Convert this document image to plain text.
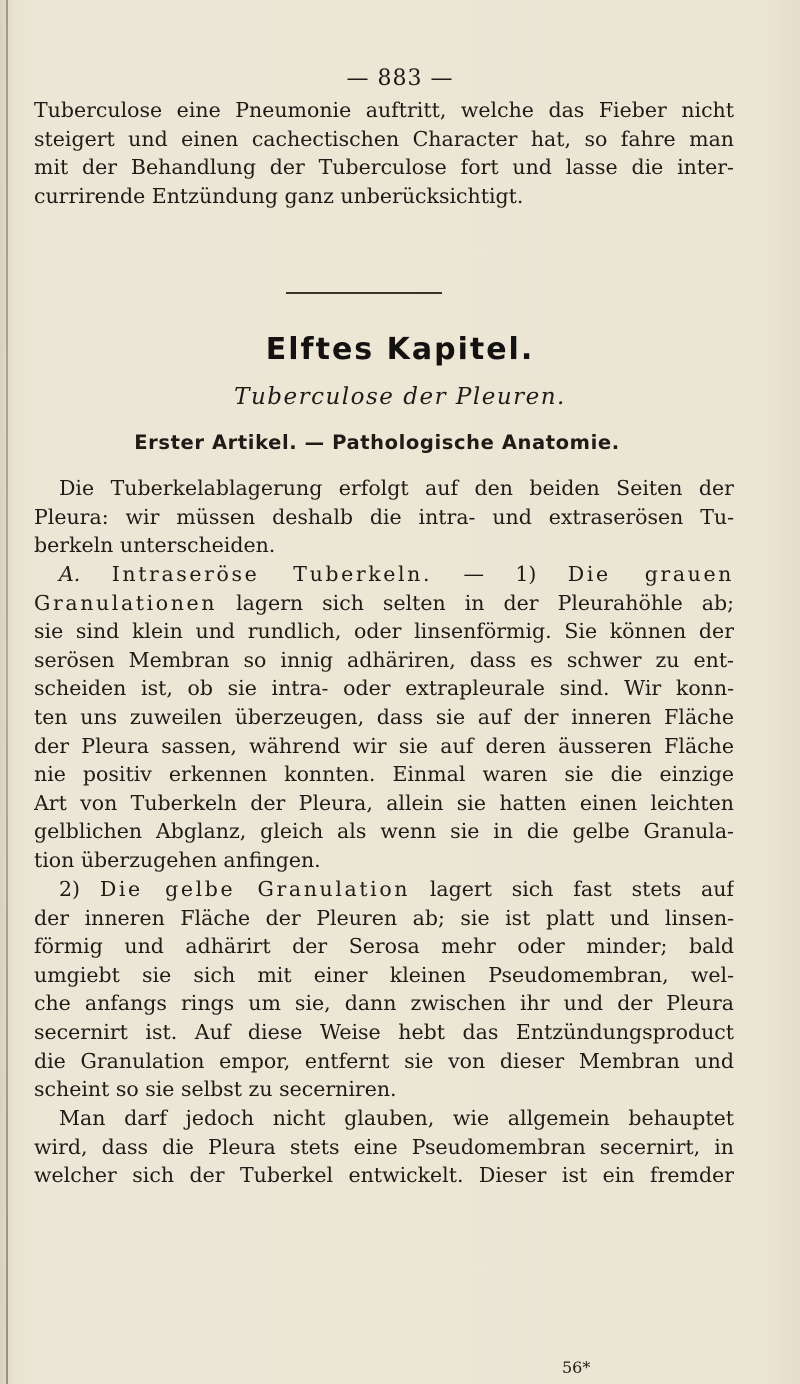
— 883 —
Tuberculose eine Pneumonie auftritt, welche das Fieber nicht
steigert und einen cachectischen Character hat, so fahre man
mit der Behandlung der Tuberculose fort und lasse die inter-
currirende Entzündung ganz unberücksichtigt.
Elftes Kapitel.
Tuberculose der Pleuren.
Erster Artikel. — Pathologische Anatomie.
Die Tuberkelablagerung erfolgt auf den beiden Seiten der
Pleura: wir müssen deshalb die intra- und extraserösen Tu-
berkeln unterscheiden.
A. Intraseröse Tuberkeln. — 1) Die grauen
Granulationen lagern sich selten in der Pleurahöhle ab;
sie sind klein und rundlich, oder linsenförmig. Sie können der
serösen Membran so innig adhäriren, dass es schwer zu ent-
scheiden ist, ob sie intra- oder extrapleurale sind. Wir konn-
ten uns zuweilen überzeugen, dass sie auf der inneren Fläche
der Pleura sassen, während wir sie auf deren äusseren Fläche
nie positiv erkennen konnten. Einmal waren sie die einzige
Art von Tuberkeln der Pleura, allein sie hatten einen leichten
gelblichen Abglanz, gleich als wenn sie in die gelbe Granula-
tion überzugehen anfingen.
2) Die gelbe Granulation lagert sich fast stets auf
der inneren Fläche der Pleuren ab; sie ist platt und linsen-
förmig und adhärirt der Serosa mehr oder minder; bald
umgiebt sie sich mit einer kleinen Pseudomembran, wel-
che anfangs rings um sie, dann zwischen ihr und der Pleura
secernirt ist. Auf diese Weise hebt das Entzündungsproduct
die Granulation empor, entfernt sie von dieser Membran und
scheint so sie selbst zu secerniren.
Man darf jedoch nicht glauben, wie allgemein behauptet
wird, dass die Pleura stets eine Pseudomembran secernirt, in
welcher sich der Tuberkel entwickelt. Dieser ist ein fremder
56*
